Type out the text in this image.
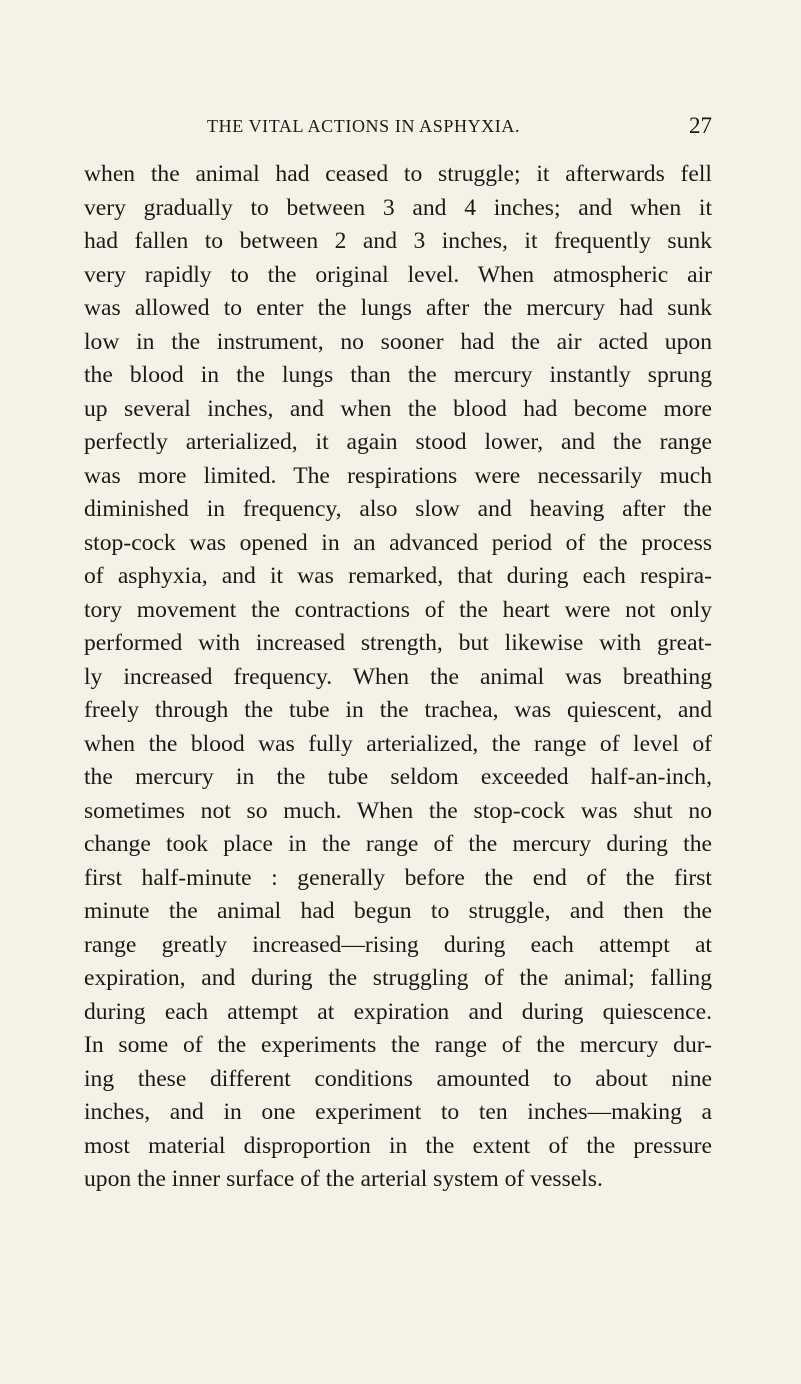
THE VITAL ACTIONS IN ASPHYXIA.	27
when the animal had ceased to struggle; it afterwards fell
very gradually to between 3 and 4 inches; and when it
had fallen to between 2 and 3 inches, it frequently sunk
very rapidly to the original level. When atmospheric air
was allowed to enter the lungs after the mercury had sunk
low in the instrument, no sooner had the air acted upon
the blood in the lungs than the mercury instantly sprung
up several inches, and when the blood had become more
perfectly arterialized, it again stood lower, and the range
was more limited. The respirations were necessarily much
diminished in frequency, also slow and heaving after the
stop-cock was opened in an advanced period of the process
of asphyxia, and it was remarked, that during each respira-
tory movement the contractions of the heart were not only
performed with increased strength, but likewise with great-
ly increased frequency. When the animal was breathing
freely through the tube in the trachea, was quiescent, and
when the blood was fully arterialized, the range of level of
the mercury in the tube seldom exceeded half-an-inch,
sometimes not so much. When the stop-cock was shut no
change took place in the range of the mercury during the
first half-minute : generally before the end of the first
minute the animal had begun to struggle, and then the
range greatly increased—rising during each attempt at
expiration, and during the struggling of the animal; falling
during each attempt at expiration and during quiescence.
In some of the experiments the range of the mercury dur-
ing these different conditions amounted to about nine
inches, and in one experiment to ten inches—making a
most material disproportion in the extent of the pressure
upon the inner surface of the arterial system of vessels.
